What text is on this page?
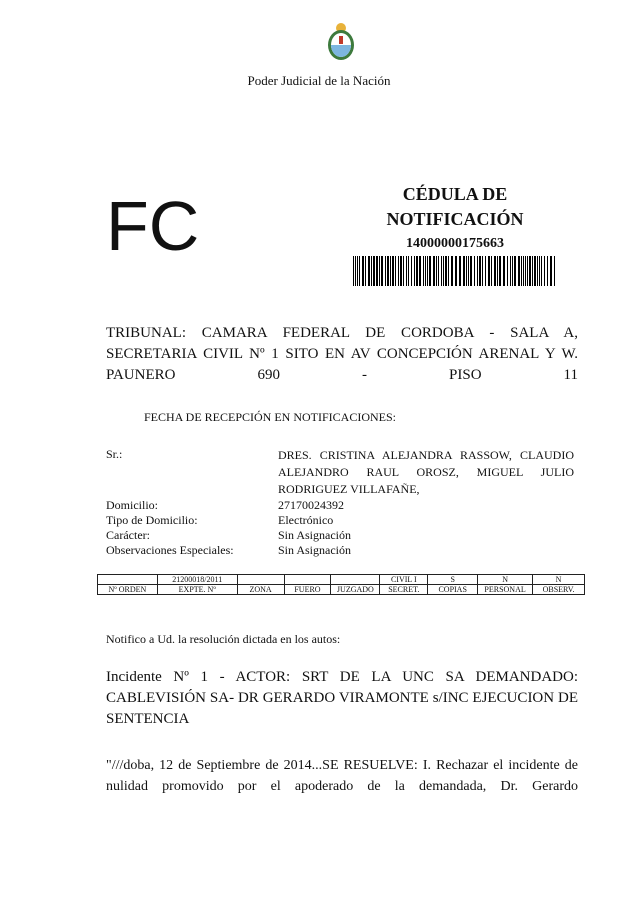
Poder Judicial de la Nación
FC	CÉDULA DE
NOTIFICACIÓN
14000000175663
TRIBUNAL: CAMARA FEDERAL DE CORDOBA - SALA A, SECRETARIA CIVIL Nº 1 SITO EN AV CONCEPCIÓN ARENAL Y W. PAUNERO 690 - PISO 11
FECHA DE RECEPCIÓN EN NOTIFICACIONES:
Sr.:	DRES. CRISTINA ALEJANDRA RASSOW, CLAUDIO ALEJANDRO RAUL OROSZ, MIGUEL JULIO RODRIGUEZ VILLAFAÑE,
Domicilio:	27170024392
Tipo de Domicilio:	Electrónico
Carácter:	Sin Asignación
Observaciones Especiales:	Sin Asignación
	21200018/2011				CIVIL I	S	N	N
Nº ORDEN	EXPTE. Nº	ZONA	FUERO	JUZGADO	SECRET.	COPIAS	PERSONAL	OBSERV.
Notifico a Ud. la resolución dictada en los autos:
Incidente Nº 1 - ACTOR: SRT DE LA UNC SA DEMANDADO: CABLEVISIÓN SA- DR GERARDO VIRAMONTE s/INC EJECUCION DE SENTENCIA
"///doba, 12 de Septiembre de 2014...SE RESUELVE: I. Rechazar el incidente de nulidad promovido por el apoderado de la demandada, Dr. Gerardo
